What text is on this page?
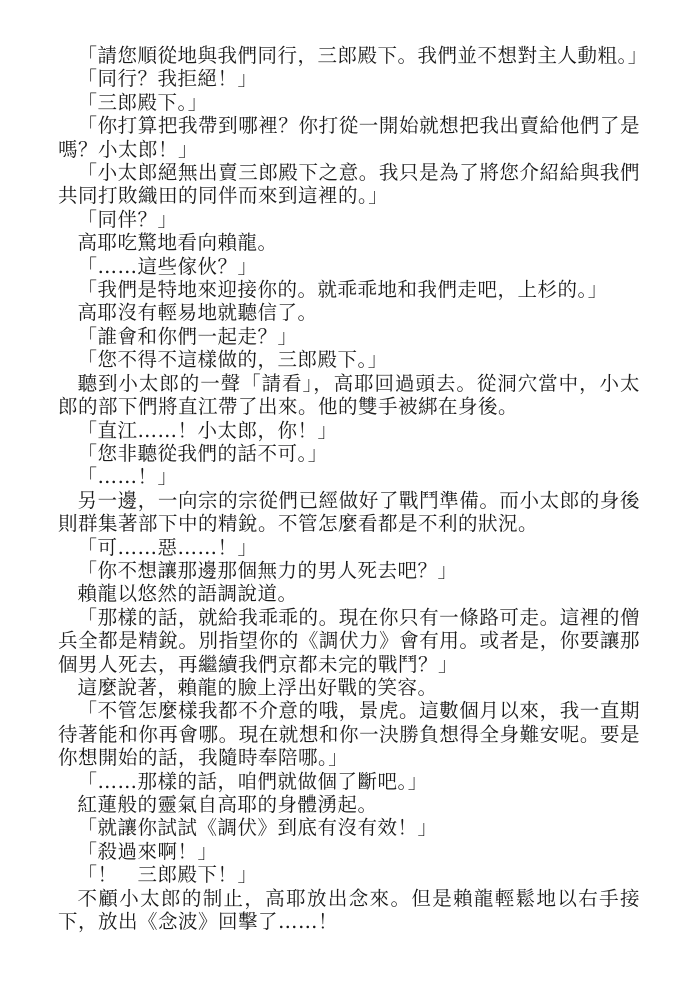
「請您順從地與我們同行，三郎殿下。我們並不想對主人動粗。」

「同行？我拒絕！」

「三郎殿下。」

「你打算把我帶到哪裡？你打從一開始就想把我出賣給他們了是嗎？小太郎！」

「小太郎絕無出賣三郎殿下之意。我只是為了將您介紹給與我們共同打敗織田的同伴而來到這裡的。」

「同伴？」

高耶吃驚地看向賴龍。

「……這些傢伙？」

「我們是特地來迎接你的。就乖乖地和我們走吧，上杉的。」

高耶沒有輕易地就聽信了。

「誰會和你們一起走？」

「您不得不這樣做的，三郎殿下。」

聽到小太郎的一聲「請看」，高耶回過頭去。從洞穴當中，小太郎的部下們將直江帶了出來。他的雙手被綁在身後。

「直江……！小太郎，你！」

「您非聽從我們的話不可。」

「……！」

另一邊，一向宗的宗從們已經做好了戰鬥準備。而小太郎的身後則群集著部下中的精銳。不管怎麼看都是不利的狀況。

「可……惡……！」

「你不想讓那邊那個無力的男人死去吧？」

賴龍以悠然的語調說道。

「那樣的話，就給我乖乖的。現在你只有一條路可走。這裡的僧兵全都是精銳。別指望你的《調伏力》會有用。或者是，你要讓那個男人死去，再繼續我們京都未完的戰鬥？」

這麼說著，賴龍的臉上浮出好戰的笑容。

「不管怎麼樣我都不介意的哦，景虎。這數個月以來，我一直期待著能和你再會哪。現在就想和你一決勝負想得全身難安呢。要是你想開始的話，我隨時奉陪哪。」

「……那樣的話，咱們就做個了斷吧。」

紅蓮般的靈氣自高耶的身體湧起。

「就讓你試試《調伏》到底有沒有效！」

「殺過來啊！」

「！　三郎殿下！」

不顧小太郎的制止，高耶放出念來。但是賴龍輕鬆地以右手接下，放出《念波》回擊了……！
